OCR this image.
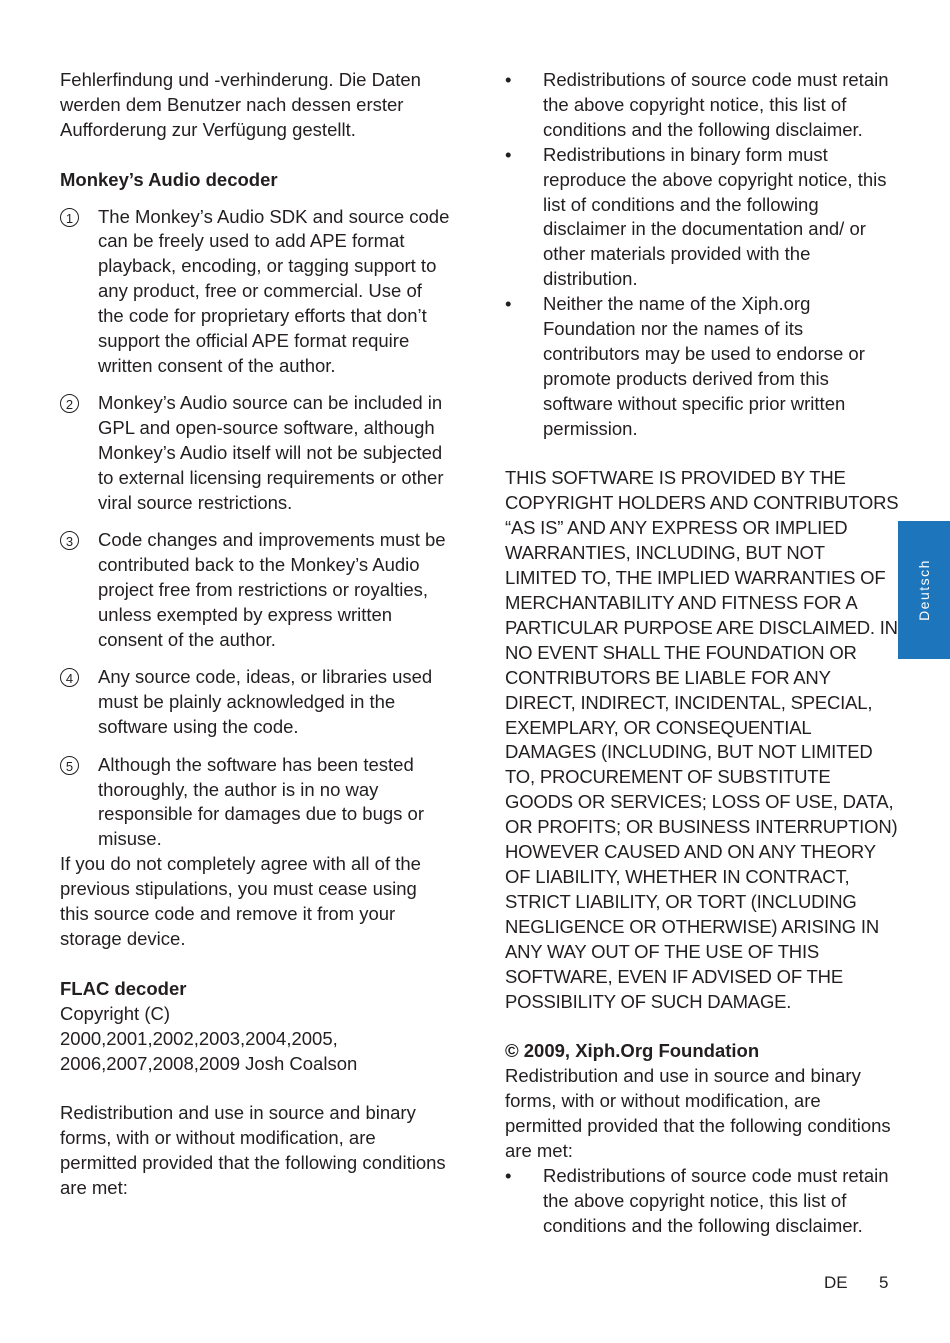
Fehlerfindung und -verhinderung. Die Daten werden dem Benutzer nach dessen erster Aufforderung zur Verfügung gestellt.

Monkey’s Audio decoder

1	The Monkey’s Audio SDK and source code can be freely used to add APE format playback, encoding, or tagging support to any product, free or commercial. Use of the code for proprietary efforts that don’t support the official APE format require written consent of the author.
2	Monkey’s Audio source can be included in GPL and open-source software, although Monkey’s Audio itself will not be subjected to external licensing requirements or other viral source restrictions.
3	Code changes and improvements must be contributed back to the Monkey’s Audio project free from restrictions or royalties, unless exempted by express written consent of the author.
4	Any source code, ideas, or libraries used must be plainly acknowledged in the software using the code.
5	Although the software has been tested thoroughly, the author is in no way responsible for damages due to bugs or misuse.

If you do not completely agree with all of the previous stipulations, you must cease using this source code and remove it from your storage device.

FLAC decoder

Copyright (C) 2000,2001,2002,2003,2004,2005, 2006,2007,2008,2009 Josh Coalson

Redistribution and use in source and binary forms, with or without modification, are permitted provided that the following conditions are met:

• Redistributions of source code must retain the above copyright notice, this list of conditions and the following disclaimer.
• Redistributions in binary form must reproduce the above copyright notice, this list of conditions and the following disclaimer in the documentation and/ or other materials provided with the distribution.
• Neither the name of the Xiph.org Foundation nor the names of its contributors may be used to endorse or promote products derived from this software without specific prior written permission.

THIS SOFTWARE IS PROVIDED BY THE COPYRIGHT HOLDERS AND CONTRIBUTORS “AS IS” AND ANY EXPRESS OR IMPLIED WARRANTIES, INCLUDING, BUT NOT LIMITED TO, THE IMPLIED WARRANTIES OF MERCHANTABILITY AND FITNESS FOR A PARTICULAR PURPOSE ARE DISCLAIMED. IN NO EVENT SHALL THE FOUNDATION OR CONTRIBUTORS BE LIABLE FOR ANY DIRECT, INDIRECT, INCIDENTAL, SPECIAL, EXEMPLARY, OR CONSEQUENTIAL DAMAGES (INCLUDING, BUT NOT LIMITED TO, PROCUREMENT OF SUBSTITUTE GOODS OR SERVICES; LOSS OF USE, DATA, OR PROFITS; OR BUSINESS INTERRUPTION) HOWEVER CAUSED AND ON ANY THEORY OF LIABILITY, WHETHER IN CONTRACT, STRICT LIABILITY, OR TORT (INCLUDING NEGLIGENCE OR OTHERWISE) ARISING IN ANY WAY OUT OF THE USE OF THIS SOFTWARE, EVEN IF ADVISED OF THE POSSIBILITY OF SUCH DAMAGE.

© 2009, Xiph.Org Foundation

Redistribution and use in source and binary forms, with or without modification, are permitted provided that the following conditions are met:

• Redistributions of source code must retain the above copyright notice, this list of conditions and the following disclaimer.
Deutsch
DE 5
